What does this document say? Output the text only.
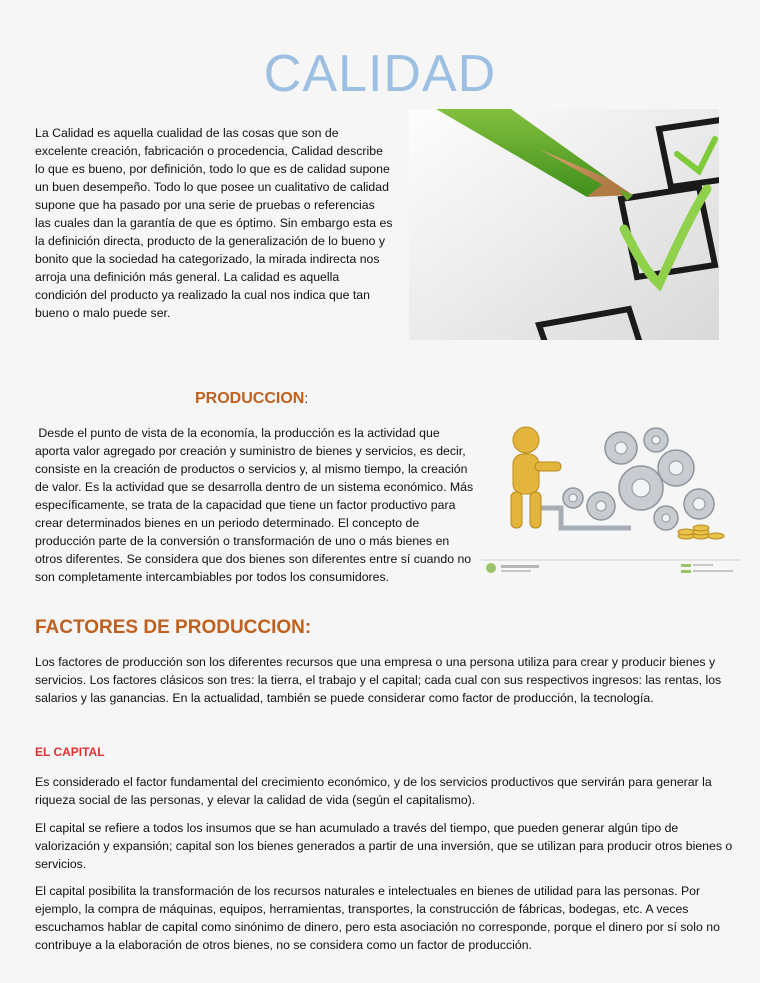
CALIDAD

La Calidad es aquella cualidad de las cosas que son de excelente creación, fabricación o procedencia, Calidad describe lo que es bueno, por definición, todo lo que es de calidad supone un buen desempeño. Todo lo que posee un cualitativo de calidad supone que ha pasado por una serie de pruebas o referencias las cuales dan la garantía de que es óptimo. Sin embargo esta es la definición directa, producto de la generalización de lo bueno y bonito que la sociedad ha categorizado, la mirada indirecta nos arroja una definición más general. La calidad es aquella condición del producto ya realizado la cual nos indica que tan bueno o malo puede ser.

PRODUCCION:

Desde el punto de vista de la economía, la producción es la actividad que aporta valor agregado por creación y suministro de bienes y servicios, es decir, consiste en la creación de productos o servicios y, al mismo tiempo, la creación de valor. Es la actividad que se desarrolla dentro de un sistema económico. Más específicamente, se trata de la capacidad que tiene un factor productivo para crear determinados bienes en un periodo determinado. El concepto de producción parte de la conversión o transformación de uno o más bienes en otros diferentes. Se considera que dos bienes son diferentes entre sí cuando no son completamente intercambiables por todos los consumidores.

FACTORES DE PRODUCCION:

Los factores de producción son los diferentes recursos que una empresa o una persona utiliza para crear y producir bienes y servicios. Los factores clásicos son tres: la tierra, el trabajo y el capital; cada cual con sus respectivos ingresos: las rentas, los salarios y las ganancias. En la actualidad, también se puede considerar como factor de producción, la tecnología.

EL CAPITAL

Es considerado el factor fundamental del crecimiento económico, y de los servicios productivos que servirán para generar la riqueza social de las personas, y elevar la calidad de vida (según el capitalismo).

El capital se refiere a todos los insumos que se han acumulado a través del tiempo, que pueden generar algún tipo de valorización y expansión; capital son los bienes generados a partir de una inversión, que se utilizan para producir otros bienes o servicios.

El capital posibilita la transformación de los recursos naturales e intelectuales en bienes de utilidad para las personas. Por ejemplo, la compra de máquinas, equipos, herramientas, transportes, la construcción de fábricas, bodegas, etc. A veces escuchamos hablar de capital como sinónimo de dinero, pero esta asociación no corresponde, porque el dinero por sí solo no contribuye a la elaboración de otros bienes, no se considera como un factor de producción.
